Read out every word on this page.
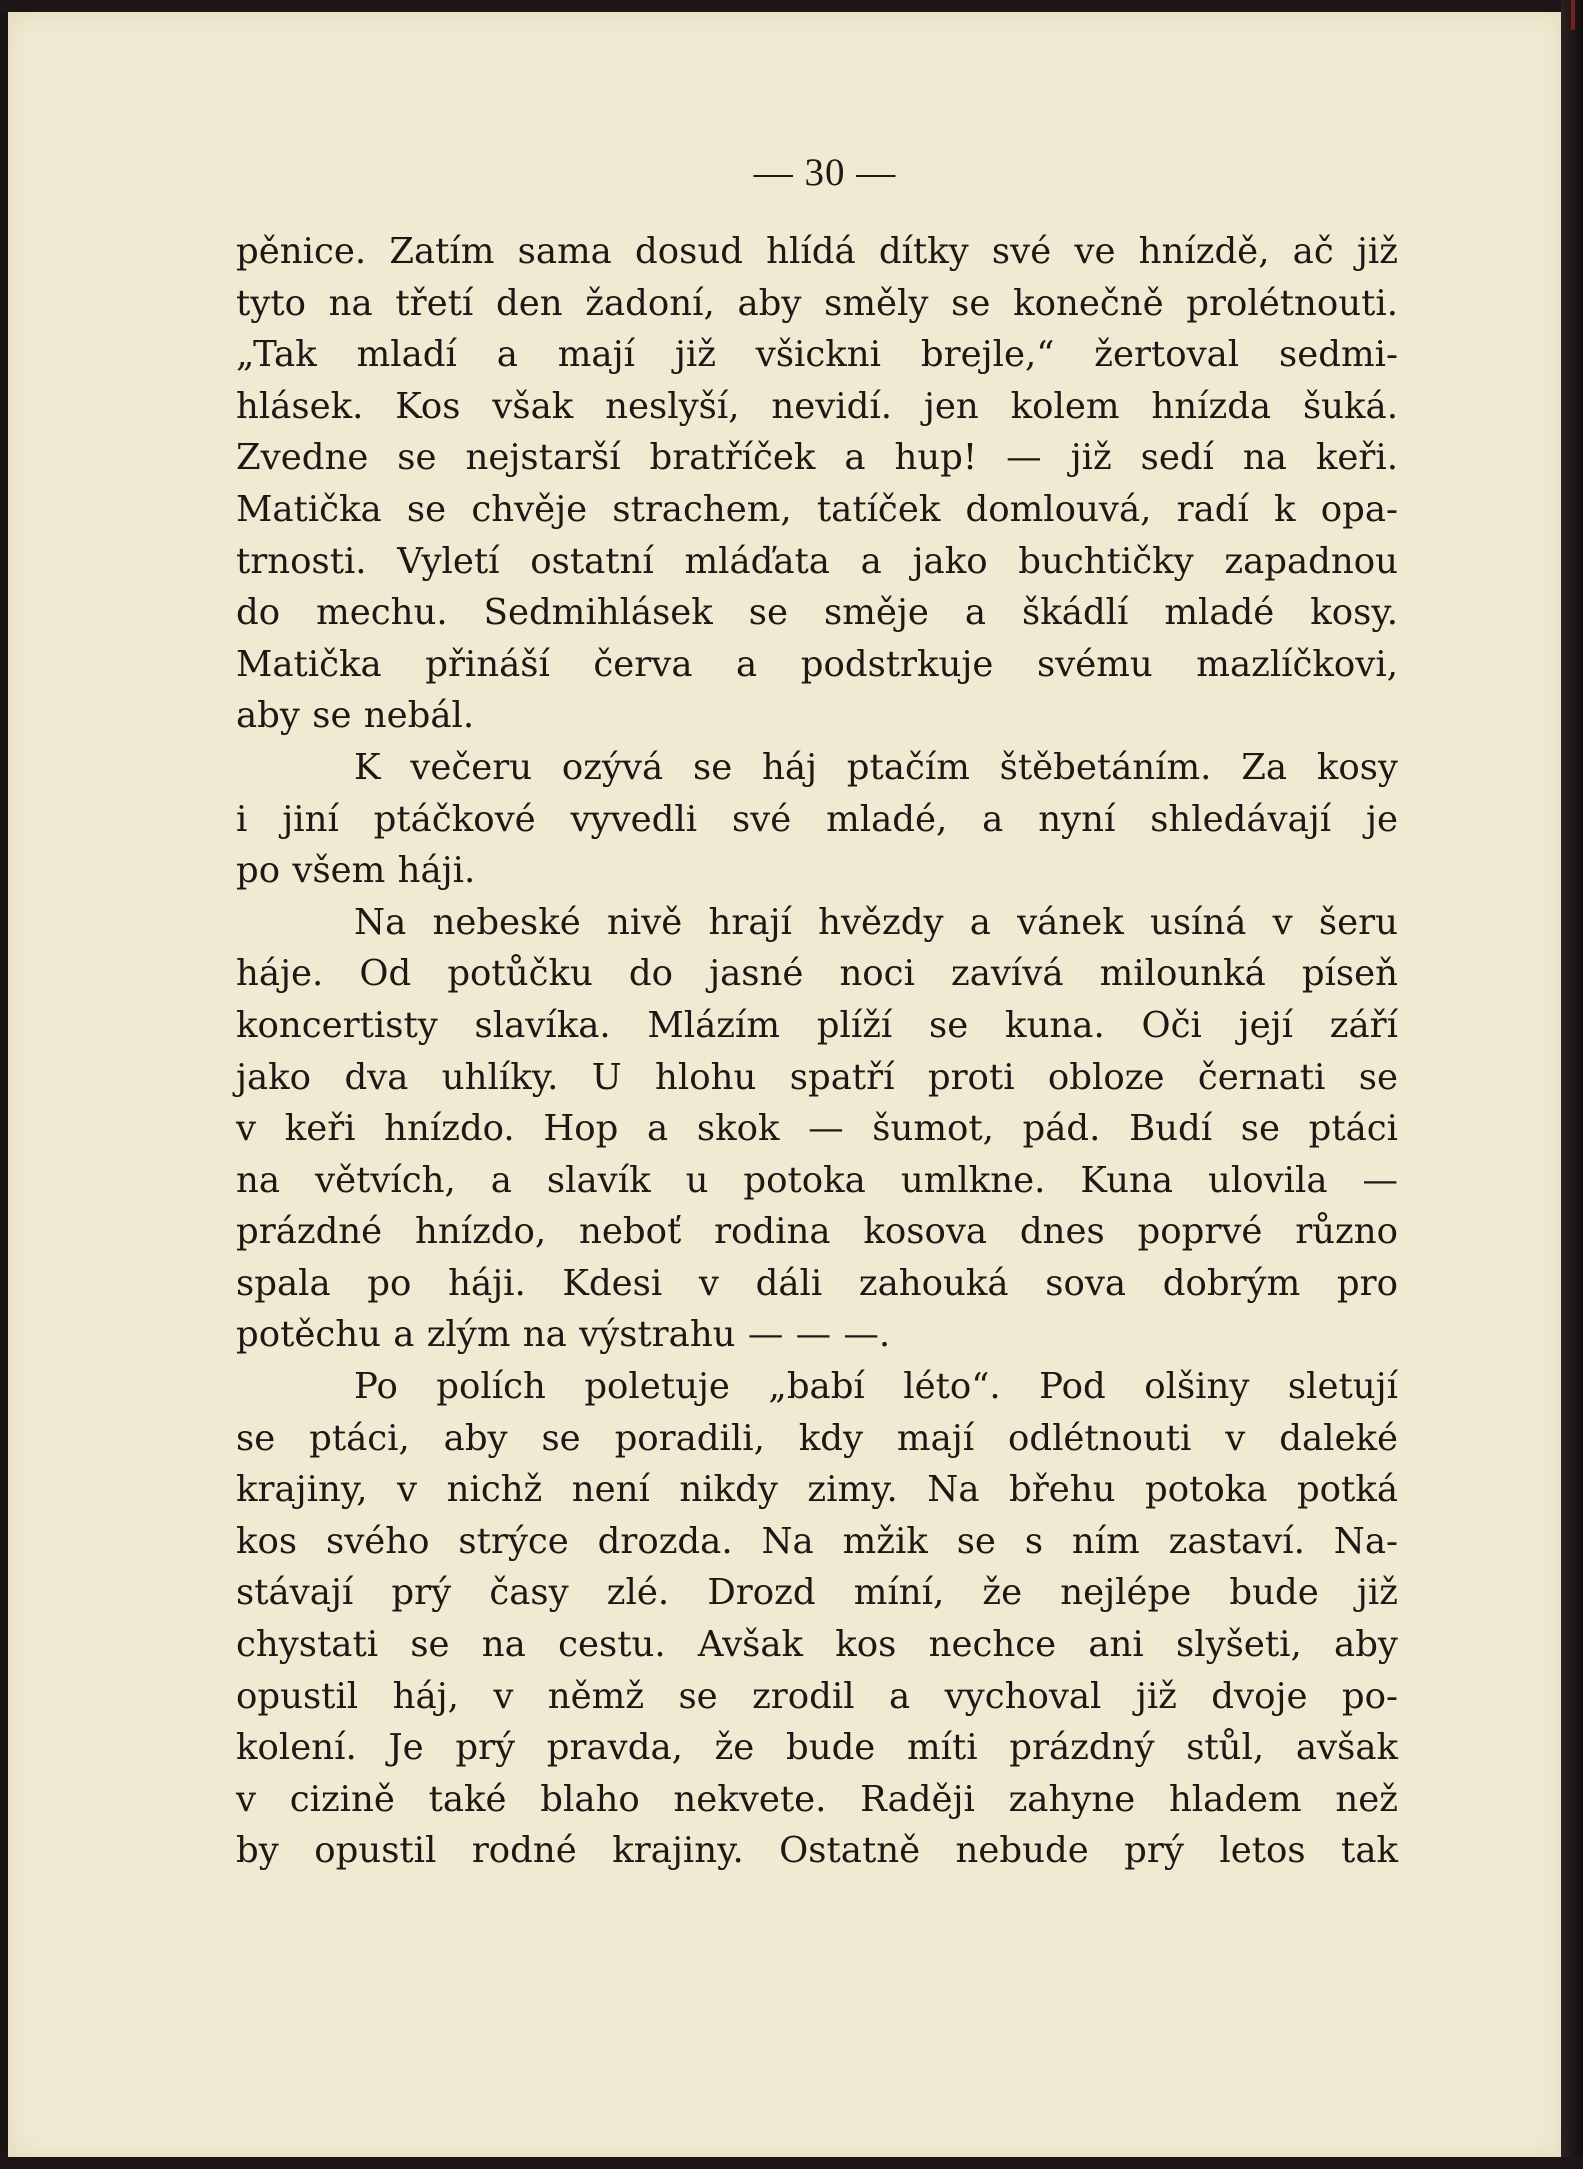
— 30 —
pěnice. Zatím sama dosud hlídá dítky své ve hnízdě, ač již
tyto na třetí den žadoní, aby směly se konečně prolétnouti.
„Tak mladí a mají již všickni brejle,“ žertoval sedmi-
hlásek. Kos však neslyší, nevidí. jen kolem hnízda šuká.
Zvedne se nejstarší bratříček a hup! — již sedí na keři.
Matička se chvěje strachem, tatíček domlouvá, radí k opa-
trnosti. Vyletí ostatní mláďata a jako buchtičky zapadnou
do mechu. Sedmihlásek se směje a škádlí mladé kosy.
Matička přináší červa a podstrkuje svému mazlíčkovi,
aby se nebál.
K večeru ozývá se háj ptačím štěbetáním. Za kosy
i jiní ptáčkové vyvedli své mladé, a nyní shledávají je
po všem háji.
Na nebeské nivě hrají hvězdy a vánek usíná v šeru
háje. Od potůčku do jasné noci zavívá milounká píseň
koncertisty slavíka. Mlázím plíží se kuna. Oči její září
jako dva uhlíky. U hlohu spatří proti obloze černati se
v keři hnízdo. Hop a skok — šumot, pád. Budí se ptáci
na větvích, a slavík u potoka umlkne. Kuna ulovila —
prázdné hnízdo, neboť rodina kosova dnes poprvé různo
spala po háji. Kdesi v dáli zahouká sova dobrým pro
potěchu a zlým na výstrahu — — —.
Po polích poletuje „babí léto“. Pod olšiny sletují
se ptáci, aby se poradili, kdy mají odlétnouti v daleké
krajiny, v nichž není nikdy zimy. Na břehu potoka potká
kos svého strýce drozda. Na mžik se s ním zastaví. Na-
stávají prý časy zlé. Drozd míní, že nejlépe bude již
chystati se na cestu. Avšak kos nechce ani slyšeti, aby
opustil háj, v němž se zrodil a vychoval již dvoje po-
kolení. Je prý pravda, že bude míti prázdný stůl, avšak
v cizině také blaho nekvete. Raději zahyne hladem než
by opustil rodné krajiny. Ostatně nebude prý letos tak
